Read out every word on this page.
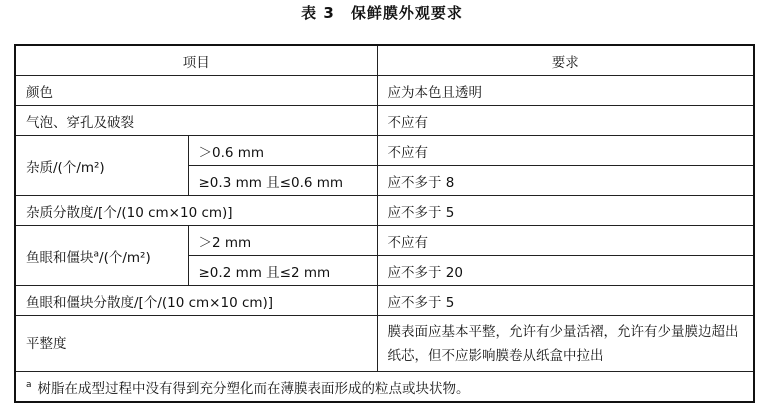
表 3　保鲜膜外观要求
项目		要求
颜色		应为本色且透明
气泡、穿孔及破裂		不应有
杂质/(个/m²)	＞0.6 mm	不应有
	≥0.3 mm 且≤0.6 mm	应不多于 8
杂质分散度/[个/(10 cm×10 cm)]		应不多于 5
鱼眼和僵块$^a$/(个/m²)	＞2 mm	不应有
	≥0.2 mm 且≤2 mm	应不多于 20
鱼眼和僵块分散度/[个/(10 cm×10 cm)]		应不多于 5
平整度		膜表面应基本平整，允许有少量活褶，允许有少量膜边超出纸芯，但不应影响膜卷从纸盒中拉出
$^a$ 树脂在成型过程中没有得到充分塑化而在薄膜表面形成的粒点或块状物。		
